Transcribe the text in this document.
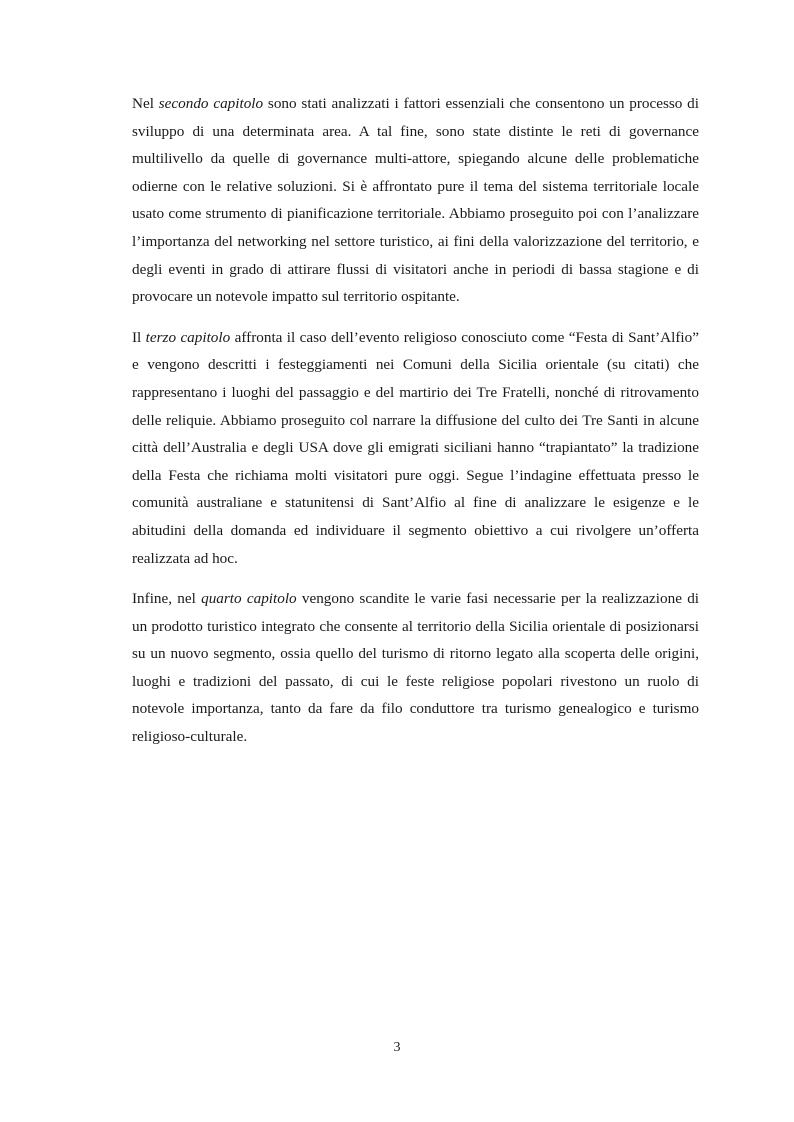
Nel secondo capitolo sono stati analizzati i fattori essenziali che consentono un processo di sviluppo di una determinata area. A tal fine, sono state distinte le reti di governance multilivello da quelle di governance multi-attore, spiegando alcune delle problematiche odierne con le relative soluzioni. Si è affrontato pure il tema del sistema territoriale locale usato come strumento di pianificazione territoriale. Abbiamo proseguito poi con l’analizzare l’importanza del networking nel settore turistico, ai fini della valorizzazione del territorio, e degli eventi in grado di attirare flussi di visitatori anche in periodi di bassa stagione e di provocare un notevole impatto sul territorio ospitante.

Il terzo capitolo affronta il caso dell’evento religioso conosciuto come “Festa di Sant’Alfio” e vengono descritti i festeggiamenti nei Comuni della Sicilia orientale (su citati) che rappresentano i luoghi del passaggio e del martirio dei Tre Fratelli, nonché di ritrovamento delle reliquie. Abbiamo proseguito col narrare la diffusione del culto dei Tre Santi in alcune città dell’Australia e degli USA dove gli emigrati siciliani hanno “trapiantato” la tradizione della Festa che richiama molti visitatori pure oggi. Segue l’indagine effettuata presso le comunità australiane e statunitensi di Sant’Alfio al fine di analizzare le esigenze e le abitudini della domanda ed individuare il segmento obiettivo a cui rivolgere un’offerta realizzata ad hoc.

Infine, nel quarto capitolo vengono scandite le varie fasi necessarie per la realizzazione di un prodotto turistico integrato che consente al territorio della Sicilia orientale di posizionarsi su un nuovo segmento, ossia quello del turismo di ritorno legato alla scoperta delle origini, luoghi e tradizioni del passato, di cui le feste religiose popolari rivestono un ruolo di notevole importanza, tanto da fare da filo conduttore tra turismo genealogico e turismo religioso-culturale.

3
